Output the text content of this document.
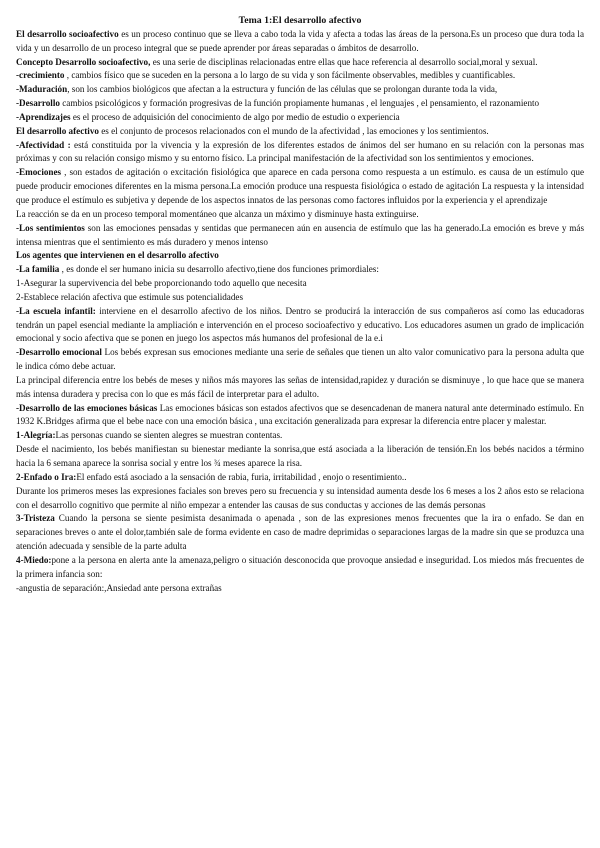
Tema 1:El desarrollo afectivo

El desarrollo socioafectivo es un proceso continuo que se lleva a cabo toda la vida y afecta a todas las áreas de la persona.Es un proceso que dura toda la vida y un desarrollo de un proceso integral que se puede aprender por áreas separadas o ámbitos de desarrollo.

Concepto Desarrollo socioafectivo, es una serie de disciplinas relacionadas entre ellas que hace referencia al desarrollo social,moral y sexual.

-crecimiento , cambios físico que se suceden en la persona a lo largo de su vida y son fácilmente observables, medibles y cuantificables.

-Maduración, son los cambios biológicos que afectan a la estructura y función de las células que se prolongan durante toda la vida,

-Desarrollo cambios psicológicos y formación progresivas de la función propiamente humanas , el lenguajes , el pensamiento, el razonamiento

-Aprendizajes es el proceso de adquisición del conocimiento de algo por medio de estudio o experiencia

El desarrollo afectivo es el conjunto de procesos relacionados con el mundo de la afectividad , las emociones y los sentimientos.

-Afectividad : está constituida por la vivencia y la expresión de los diferentes estados de ánimos del ser humano en su relación con la personas mas próximas y con su relación consigo mismo y su entorno físico. La principal manifestación de la afectividad son los sentimientos y emociones.

-Emociones , son estados de agitación o excitación fisiológica que aparece en cada persona como respuesta a un estímulo. es causa de un estímulo que puede producir emociones diferentes en la misma persona.La emoción produce una respuesta fisiológica o estado de agitación La respuesta y la intensidad que produce el estímulo es subjetiva y depende de los aspectos innatos de las personas como factores influidos por la experiencia y el aprendizaje

La reacción se da en un proceso temporal momentáneo que alcanza un máximo y disminuye hasta extinguirse.

-Los sentimientos son las emociones pensadas y sentidas que permanecen aún en ausencia de estímulo que las ha generado.La emoción es breve y más intensa mientras que el sentimiento es más duradero y menos intenso

Los agentes que intervienen en el desarrollo afectivo

-La familia , es donde el ser humano inicia su desarrollo afectivo,tiene dos funciones primordiales:

1-Asegurar la supervivencia del bebe proporcionando todo aquello que necesita

2-Establece relación afectiva que estimule sus potencialidades

-La escuela infantil: interviene en el desarrollo afectivo de los niños. Dentro se producirá la interacción de sus compañeros así como las educadoras tendrán un papel esencial mediante la ampliación e intervención en el proceso socioafectivo y educativo. Los educadores asumen un grado de implicación emocional y socio afectiva que se ponen en juego los aspectos más humanos del profesional de la e.i

-Desarrollo emocional Los bebés expresan sus emociones mediante una serie de señales que tienen un alto valor comunicativo para la persona adulta que le indica cómo debe actuar.

La principal diferencia entre los bebés de meses y niños más mayores las señas de intensidad,rapidez y duración se disminuye , lo que hace que se manera más intensa duradera y precisa con lo que es más fácil de interpretar para el adulto.

-Desarrollo de las emociones básicas Las emociones básicas son estados afectivos que se desencadenan de manera natural ante determinado estímulo. En 1932 K.Bridges afirma que el bebe nace con una emoción básica , una excitación generalizada para expresar la diferencia entre placer y malestar.

1-Alegría:Las personas cuando se sienten alegres se muestran contentas.

Desde el nacimiento, los bebés manifiestan su bienestar mediante la sonrisa,que está asociada a la liberación de tensión.En los bebés nacidos a término hacia la 6 semana aparece la sonrisa social y entre los ¾ meses aparece la risa.

2-Enfado o Ira:El enfado está asociado a la sensación de rabia, furia, irritabilidad , enojo o resentimiento..

Durante los primeros meses las expresiones faciales son breves pero su frecuencia y su intensidad aumenta desde los 6 meses a los 2 años esto se relaciona con el desarrollo cognitivo que permite al niño empezar a entender las causas de sus conductas y acciones de las demás personas

3-Tristeza Cuando la persona se siente pesimista desanimada o apenada , son de las expresiones menos frecuentes que la ira o enfado. Se dan en separaciones breves o ante el dolor,también sale de forma evidente en caso de madre deprimidas o separaciones largas de la madre sin que se produzca una atención adecuada y sensible de la parte adulta

4-Miedo:pone a la persona en alerta ante la amenaza,peligro o situación desconocida que provoque ansiedad e inseguridad. Los miedos más frecuentes de la primera infancia son:

-angustia de separación:,Ansiedad ante persona extrañas
